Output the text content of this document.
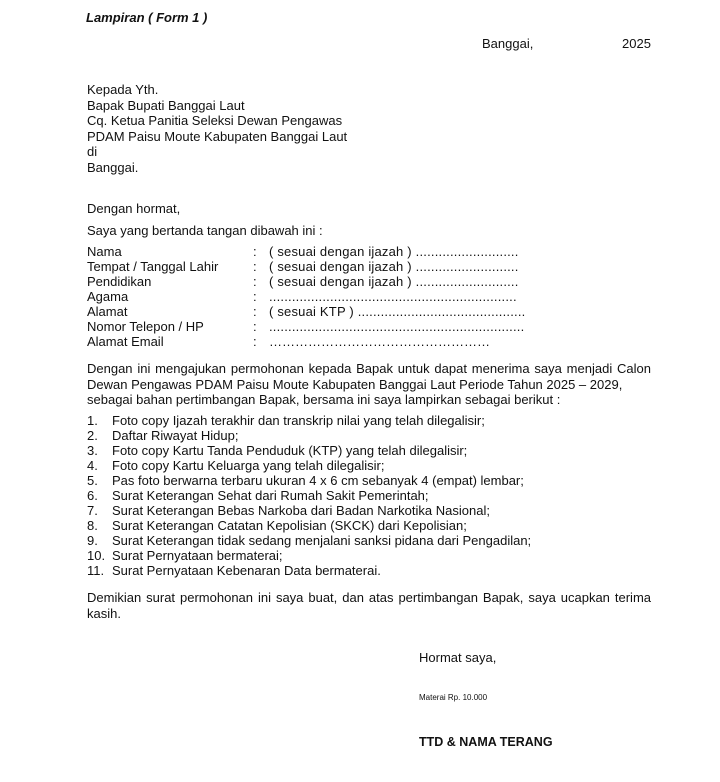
Lampiran ( Form 1 )
Banggai,	2025
Kepada Yth.
Bapak Bupati Banggai Laut
Cq. Ketua Panitia Seleksi Dewan Pengawas
PDAM Paisu Moute Kabupaten Banggai Laut
di
Banggai.
Dengan hormat,
Saya yang bertanda tangan dibawah ini :
Nama	: ( sesuai dengan ijazah ) ...........................
Tempat / Tanggal Lahir	: ( sesuai dengan ijazah ) ...........................
Pendidikan	: ( sesuai dengan ijazah ) ...........................
Agama	: .................................................................
Alamat	: ( sesuai KTP ) ............................................
Nomor Telepon / HP	: ...................................................................
Alamat Email	: ……………………………………………
Dengan ini mengajukan permohonan kepada Bapak untuk dapat menerima saya menjadi Calon Dewan Pengawas PDAM Paisu Moute Kabupaten Banggai Laut Periode Tahun 2025 – 2029,
sebagai bahan pertimbangan Bapak, bersama ini saya lampirkan sebagai berikut :
1. Foto copy Ijazah terakhir dan transkrip nilai yang telah dilegalisir;
2. Daftar Riwayat Hidup;
3. Foto copy Kartu Tanda Penduduk (KTP) yang telah dilegalisir;
4. Foto copy Kartu Keluarga yang telah dilegalisir;
5. Pas foto berwarna terbaru ukuran 4 x 6 cm sebanyak 4 (empat) lembar;
6. Surat Keterangan Sehat dari Rumah Sakit Pemerintah;
7. Surat Keterangan Bebas Narkoba dari Badan Narkotika Nasional;
8. Surat Keterangan Catatan Kepolisian (SKCK) dari Kepolisian;
9. Surat Keterangan tidak sedang menjalani sanksi pidana dari Pengadilan;
10. Surat Pernyataan bermaterai;
11. Surat Pernyataan Kebenaran Data bermaterai.
Demikian surat permohonan ini saya buat, dan atas pertimbangan Bapak, saya ucapkan terima kasih.
Hormat saya,
Materai Rp. 10.000
TTD & NAMA TERANG
